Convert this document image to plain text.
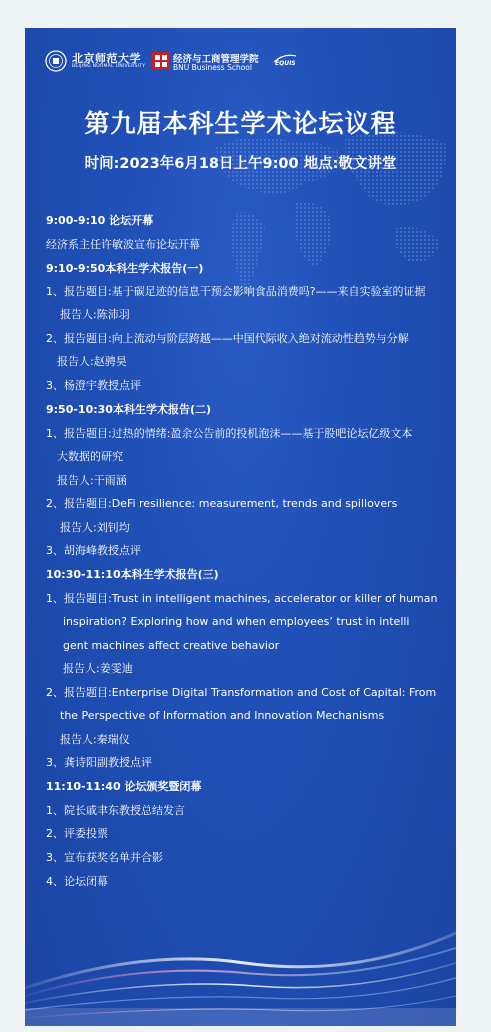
北京师范大学
BEIJING NORMAL UNIVERSITY
经济与工商管理学院
BNU Business School	EQUIS
第九届本科生学术论坛议程
时间:2023年6月18日上午9:00 地点:敬文讲堂
9:00-9:10 论坛开幕
经济系主任许敏波宣布论坛开幕
9:10-9:50本科生学术报告(一)
1、报告题目:基于碳足迹的信息干预会影响食品消费吗?——来自实验室的证据
报告人:陈沛羽
2、报告题目:向上流动与阶层跨越——中国代际收入绝对流动性趋势与分解
报告人:赵骋昊
3、杨澄宇教授点评
9:50-10:30本科生学术报告(二)
1、报告题目:过热的情绪:盈余公告前的投机泡沫——基于股吧论坛亿级文本
大数据的研究
报告人:干雨涵
2、报告题目:DeFi resilience: measurement, trends and spillovers
报告人:刘钊均
3、胡海峰教授点评
10:30-11:10本科生学术报告(三)
1、报告题目:Trust in intelligent machines, accelerator or killer of human
inspiration? Exploring how and when employees’ trust in intelli
gent machines affect creative behavior
报告人:姜雯迪
2、报告题目:Enterprise Digital Transformation and Cost of Capital: From
the Perspective of Information and Innovation Mechanisms
报告人:秦瑞仪
3、龚诗阳副教授点评
11:10-11:40 论坛颁奖暨闭幕
1、院长戚聿东教授总结发言
2、评委投票
3、宣布获奖名单并合影
4、论坛闭幕
